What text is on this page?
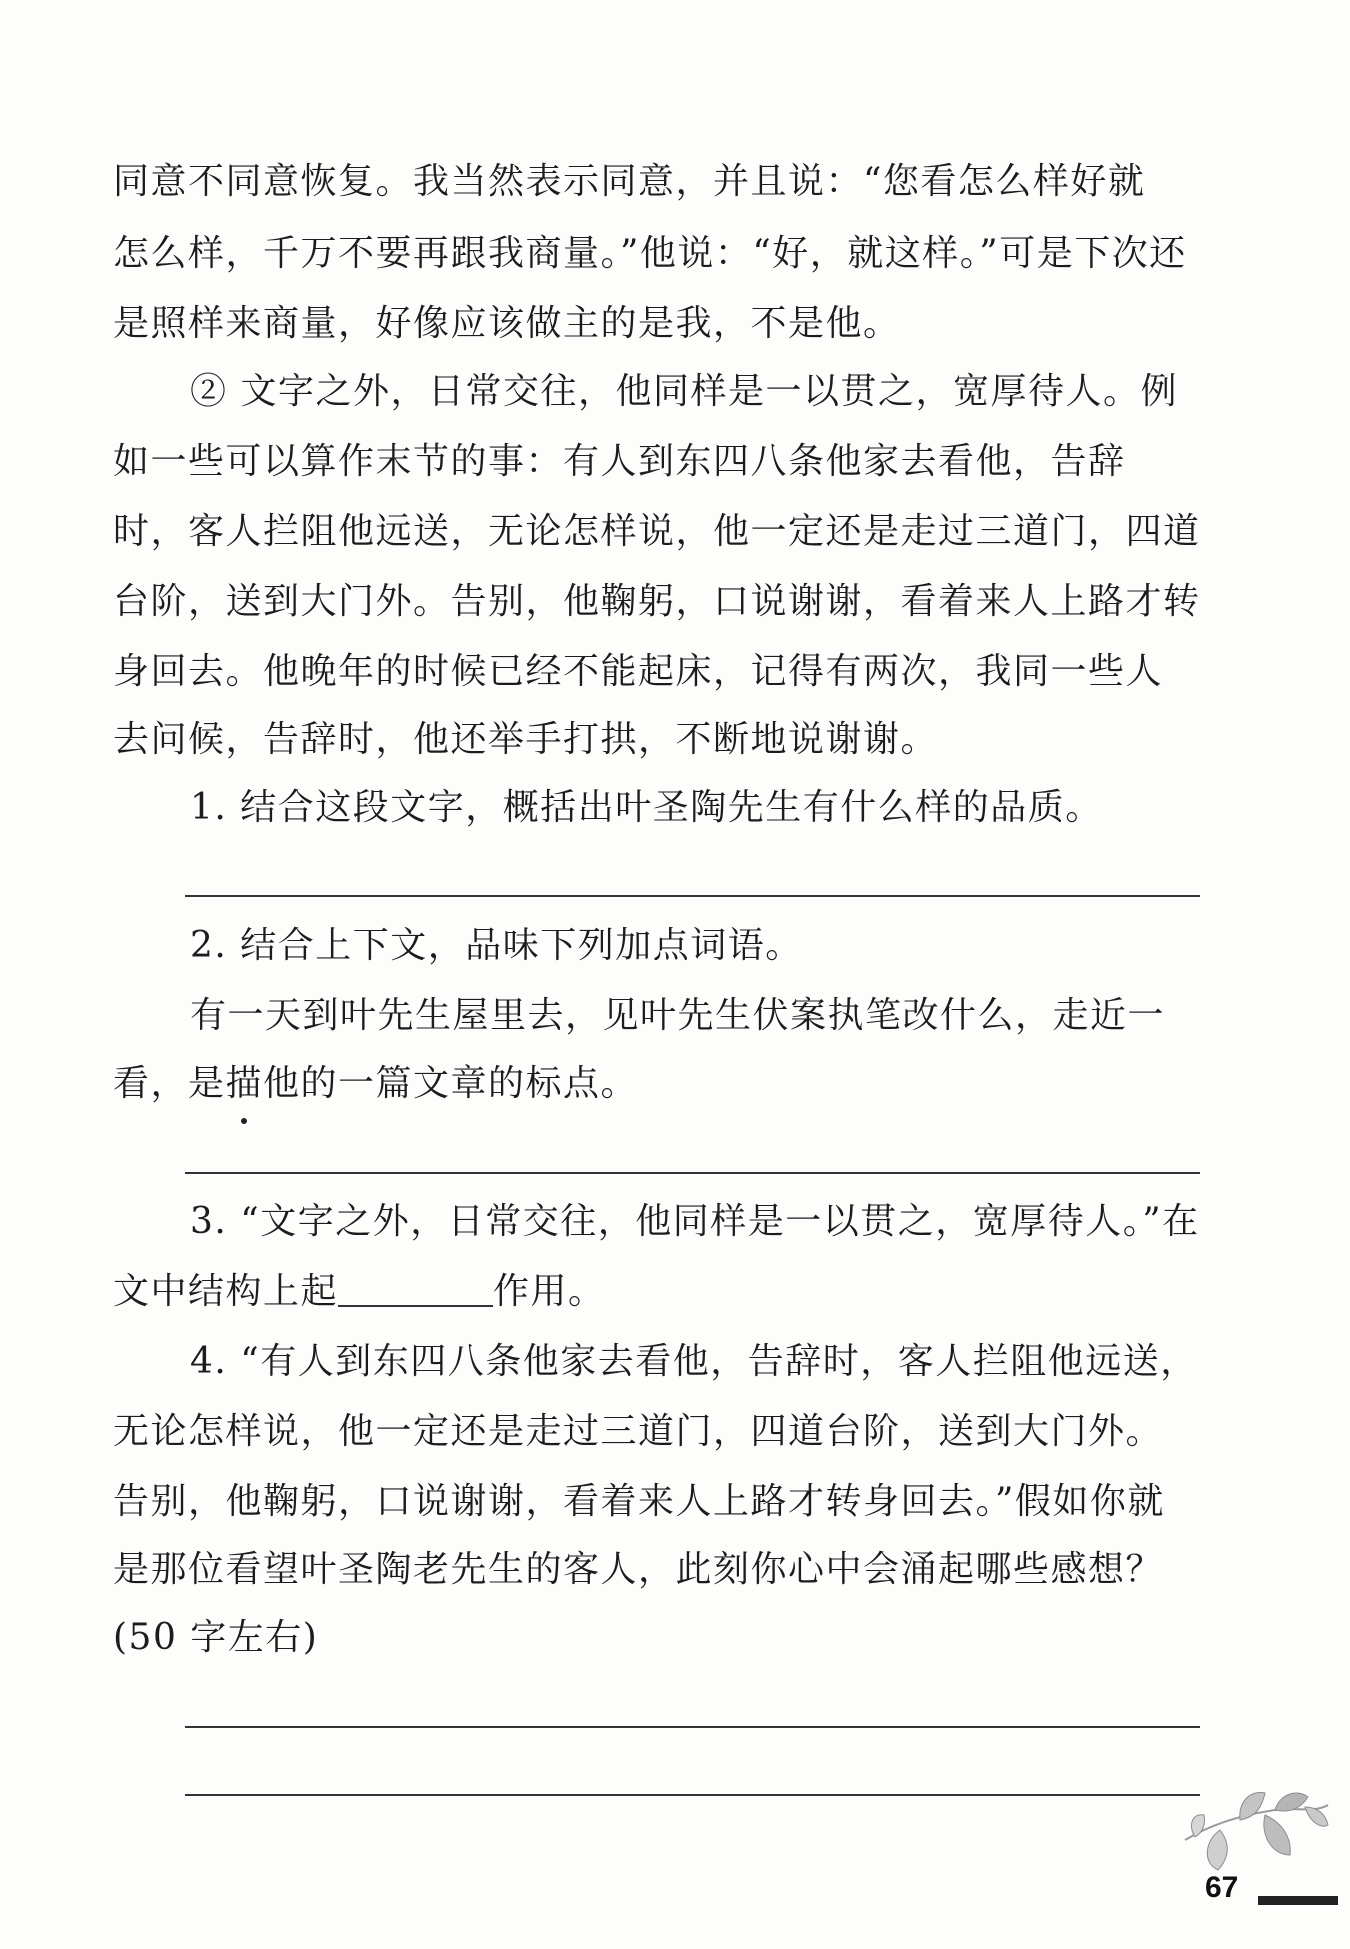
同意不同意恢复。我当然表示同意，并且说：“您看怎么样好就
怎么样，千万不要再跟我商量。”他说：“好，就这样。”可是下次还
是照样来商量，好像应该做主的是我，不是他。
② 文字之外，日常交往，他同样是一以贯之，宽厚待人。例
如一些可以算作末节的事：有人到东四八条他家去看他，告辞
时，客人拦阻他远送，无论怎样说，他一定还是走过三道门，四道
台阶，送到大门外。告别，他鞠躬，口说谢谢，看着来人上路才转
身回去。他晚年的时候已经不能起床，记得有两次，我同一些人
去问候，告辞时，他还举手打拱，不断地说谢谢。
1. 结合这段文字，概括出叶圣陶先生有什么样的品质。
2. 结合上下文，品味下列加点词语。
有一天到叶先生屋里去，见叶先生伏案执笔改什么，走近一
看，是描他的一篇文章的标点。
3. “文字之外，日常交往，他同样是一以贯之，宽厚待人。”在
文中结构上起	作用。
4. “有人到东四八条他家去看他，告辞时，客人拦阻他远送，
无论怎样说，他一定还是走过三道门，四道台阶，送到大门外。
告别，他鞠躬，口说谢谢，看着来人上路才转身回去。”假如你就
是那位看望叶圣陶老先生的客人，此刻你心中会涌起哪些感想？
(50 字左右)
67
